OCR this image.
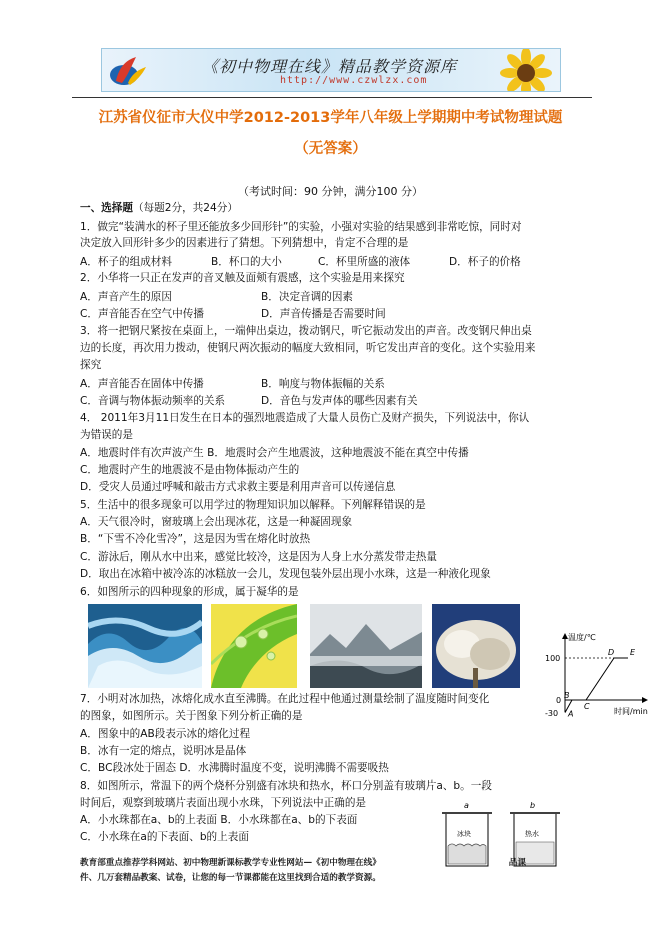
《初中物理在线》精品教学资源库
http://www.czwlzx.com
江苏省仪征市大仪中学2012-2013学年八年级上学期期中考试物理试题
（无答案）
（考试时间：90 分钟，满分100 分）
一、选择题（每题2分，共24分）
1．做完“装满水的杯子里还能放多少回形针”的实验，小强对实验的结果感到非常吃惊，同时对
决定放入回形针多少的因素进行了猜想。下列猜想中，肯定不合理的是
A．杯子的组成材料	B．杯口的大小	C．杯里所盛的液体	D．杯子的价格
2．小华将一只正在发声的音叉触及面颊有震感，这个实验是用来探究
A．声音产生的原因	B．决定音调的因素
C．声音能否在空气中传播	D．声音传播是否需要时间
3．将一把钢尺紧按在桌面上，一端伸出桌边，拨动钢尺，听它振动发出的声音。改变钢尺伸出桌
边的长度，再次用力拨动，使钢尺两次振动的幅度大致相同，听它发出声音的变化。这个实验用来
探究
A．声音能否在固体中传播	B．响度与物体振幅的关系
C．音调与物体振动频率的关系	D．音色与发声体的哪些因素有关
4． 2011年3月11日发生在日本的强烈地震造成了大量人员伤亡及财产损失，下列说法中，你认
为错误的是
A．地震时伴有次声波产生 B．地震时会产生地震波，这种地震波不能在真空中传播
C．地震时产生的地震波不是由物体振动产生的
D．受灾人员通过呼喊和敲击方式求救主要是利用声音可以传递信息
5．生活中的很多现象可以用学过的物理知识加以解释。下列解释错误的是
A．天气很冷时，窗玻璃上会出现冰花，这是一种凝固现象
B．“下雪不冷化雪冷”，这是因为雪在熔化时放热
C．游泳后，刚从水中出来，感觉比较冷，这是因为人身上水分蒸发带走热量
D．取出在冰箱中被冷冻的冰糕放一会儿，发现包装外层出现小水珠，这是一种液化现象
6．如图所示的四种现象的形成，属于凝华的是
温度/℃
时间/min
100
0
-30 A
B
C
D E
7．小明对冰加热，冰熔化成水直至沸腾。在此过程中他通过测量绘制了温度随时间变化
的图象，如图所示。关于图象下列分析正确的是
A．图象中的AB段表示冰的熔化过程
B．冰有一定的熔点，说明冰是晶体
C．BC段冰处于固态 D．水沸腾时温度不变，说明沸腾不需要吸热
8．如图所示，常温下的两个烧杯分别盛有冰块和热水，杯口分别盖有玻璃片a、b。一段
时间后，观察到玻璃片表面出现小水珠，下列说法中正确的是
A．小水珠都在a、b的上表面 B．小水珠都在a、b的下表面
C．小水珠在a的下表面、b的上表面
a	b
冰块	热水
教育部重点推荐学科网站、初中物理新课标教学专业性网站—《初中物理在线》	品课
件、几万套精品教案、试卷，让您的每一节课都能在这里找到合适的教学资源。
